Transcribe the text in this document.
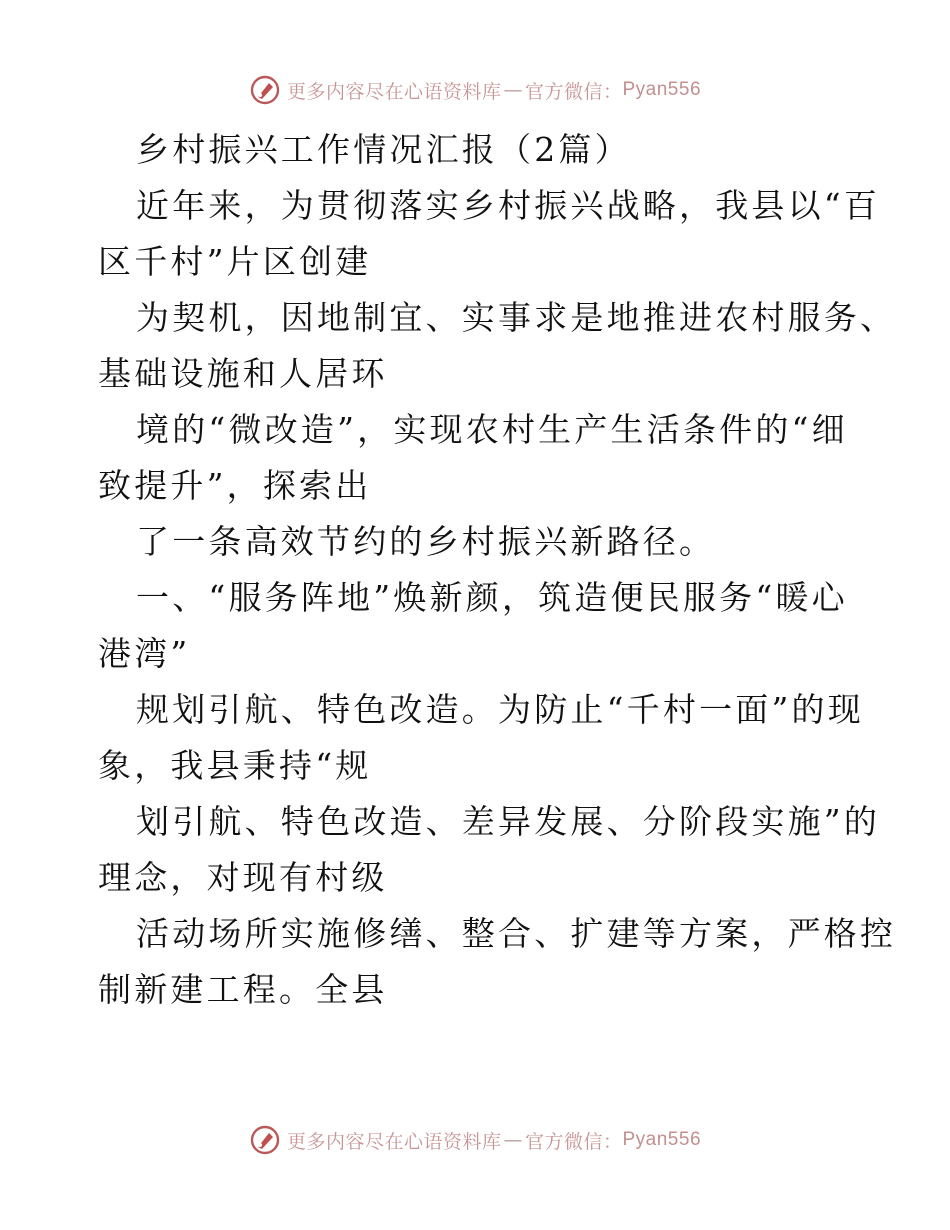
更多内容尽在心语资料库 — 官方微信： Pyan556
乡村振兴工作情况汇报（2篇）
近年来，为贯彻落实乡村振兴战略，我县以“百
区千村”片区创建
为契机，因地制宜、实事求是地推进农村服务、
基础设施和人居环
境的“微改造”，实现农村生产生活条件的“细
致提升”，探索出
了一条高效节约的乡村振兴新路径。
一、“服务阵地”焕新颜，筑造便民服务“暖心
港湾”
规划引航、特色改造。为防止“千村一面”的现
象，我县秉持“规
划引航、特色改造、差异发展、分阶段实施”的
理念，对现有村级
活动场所实施修缮、整合、扩建等方案，严格控
制新建工程。全县
更多内容尽在心语资料库 — 官方微信： Pyan556
